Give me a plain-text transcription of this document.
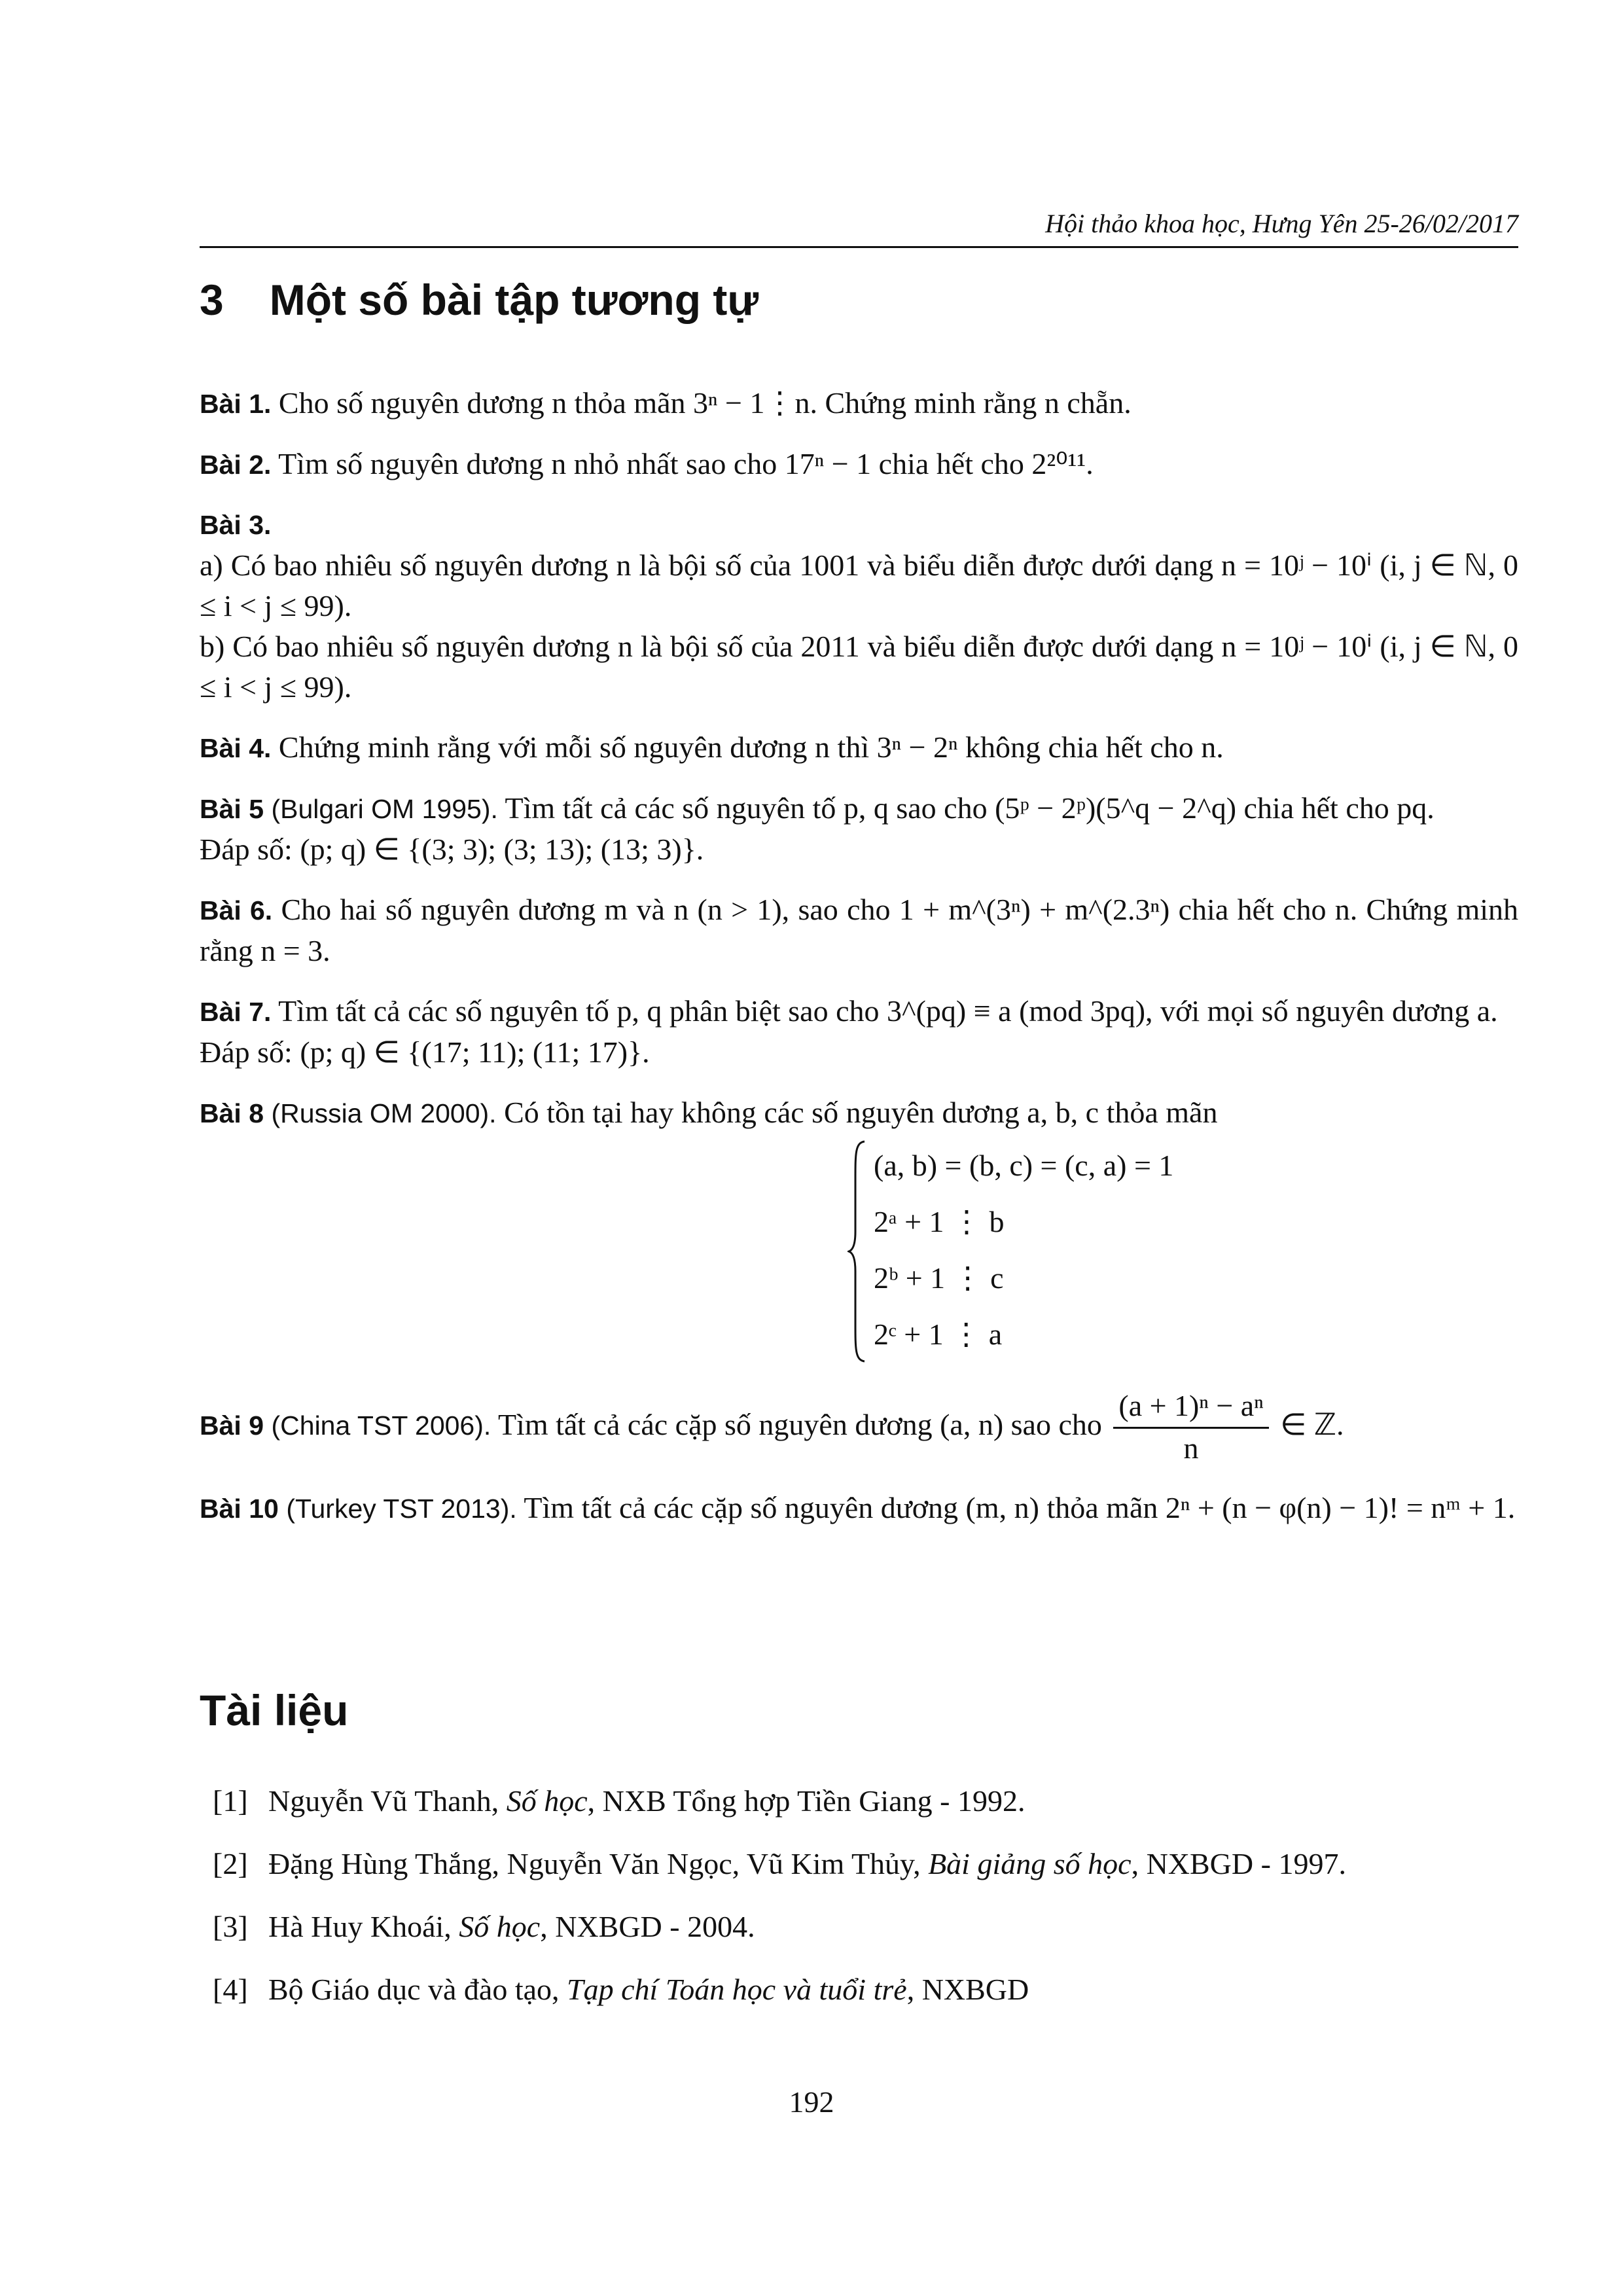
Hội thảo khoa học, Hưng Yên 25-26/02/2017
3 Một số bài tập tương tự
Bài 1. Cho số nguyên dương n thỏa mãn 3ⁿ − 1⋮n. Chứng minh rằng n chẵn.
Bài 2. Tìm số nguyên dương n nhỏ nhất sao cho 17ⁿ − 1 chia hết cho 2²⁰¹¹.
Bài 3.
a) Có bao nhiêu số nguyên dương n là bội số của 1001 và biểu diễn được dưới dạng n = 10ʲ − 10ⁱ (i, j ∈ ℕ, 0 ≤ i < j ≤ 99).
b) Có bao nhiêu số nguyên dương n là bội số của 2011 và biểu diễn được dưới dạng n = 10ʲ − 10ⁱ (i, j ∈ ℕ, 0 ≤ i < j ≤ 99).
Bài 4. Chứng minh rằng với mỗi số nguyên dương n thì 3ⁿ − 2ⁿ không chia hết cho n.
Bài 5 (Bulgari OM 1995). Tìm tất cả các số nguyên tố p, q sao cho (5ᵖ − 2ᵖ)(5^q − 2^q) chia hết cho pq.
Đáp số: (p; q) ∈ {(3; 3); (3; 13); (13; 3)}.
Bài 6. Cho hai số nguyên dương m và n (n > 1), sao cho 1 + m^(3ⁿ) + m^(2.3ⁿ) chia hết cho n. Chứng minh rằng n = 3.
Bài 7. Tìm tất cả các số nguyên tố p, q phân biệt sao cho 3^(pq) ≡ a (mod 3pq), với mọi số nguyên dương a.
Đáp số: (p; q) ∈ {(17; 11); (11; 17)}.
Bài 8 (Russia OM 2000). Có tồn tại hay không các số nguyên dương a, b, c thỏa mãn
(a, b) = (b, c) = (c, a) = 1
2ᵃ + 1 ⋮ b
2ᵇ + 1 ⋮ c
2ᶜ + 1 ⋮ a
Bài 9 (China TST 2006). Tìm tất cả các cặp số nguyên dương (a, n) sao cho $\frac{\text{(a + 1)ⁿ − aⁿ}}{n}$ ∈ ℤ.
Bài 10 (Turkey TST 2013). Tìm tất cả các cặp số nguyên dương (m, n) thỏa mãn 2ⁿ + (n − φ(n) − 1)! = nᵐ + 1.
Tài liệu
[1] Nguyễn Vũ Thanh, Số học, NXB Tổng hợp Tiền Giang - 1992.
[2] Đặng Hùng Thắng, Nguyễn Văn Ngọc, Vũ Kim Thủy, Bài giảng số học, NXBGD - 1997.
[3] Hà Huy Khoái, Số học, NXBGD - 2004.
[4] Bộ Giáo dục và đào tạo, Tạp chí Toán học và tuổi trẻ, NXBGD
192
